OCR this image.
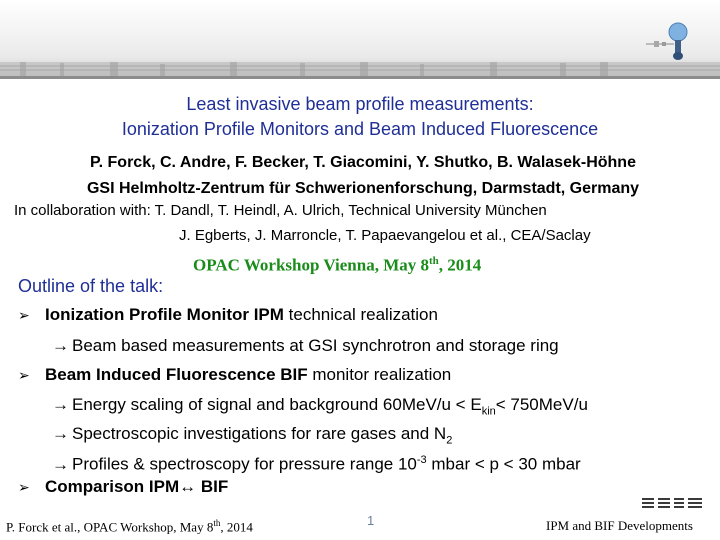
Least invasive beam profile measurements:
Ionization Profile Monitors and Beam Induced Fluorescence
P. Forck, C. Andre, F. Becker, T. Giacomini, Y. Shutko, B. Walasek-Höhne
GSI Helmholtz-Zentrum für Schwerionenforschung, Darmstadt, Germany
In collaboration with: T. Dandl, T. Heindl, A. Ulrich, Technical University München
J. Egberts, J. Marroncle, T. Papaevangelou et al., CEA/Saclay
OPAC Workshop Vienna, May 8th, 2014
Outline of the talk:
➢ Ionization Profile Monitor IPM technical realization
→ Beam based measurements at GSI synchrotron and storage ring
➢ Beam Induced Fluorescence BIF monitor realization
→ Energy scaling of signal and background $60MeV/u < E_{kin}< 750MeV/u$
→ Spectroscopic investigations for rare gases and $N_2$
→ Profiles & spectroscopy for pressure range $10^{-3}$ mbar < p < 30 mbar
➢ Comparison IPM↔ BIF
P. Forck et al., OPAC Workshop, May 8th, 2014	1	IPM and BIF Developments
